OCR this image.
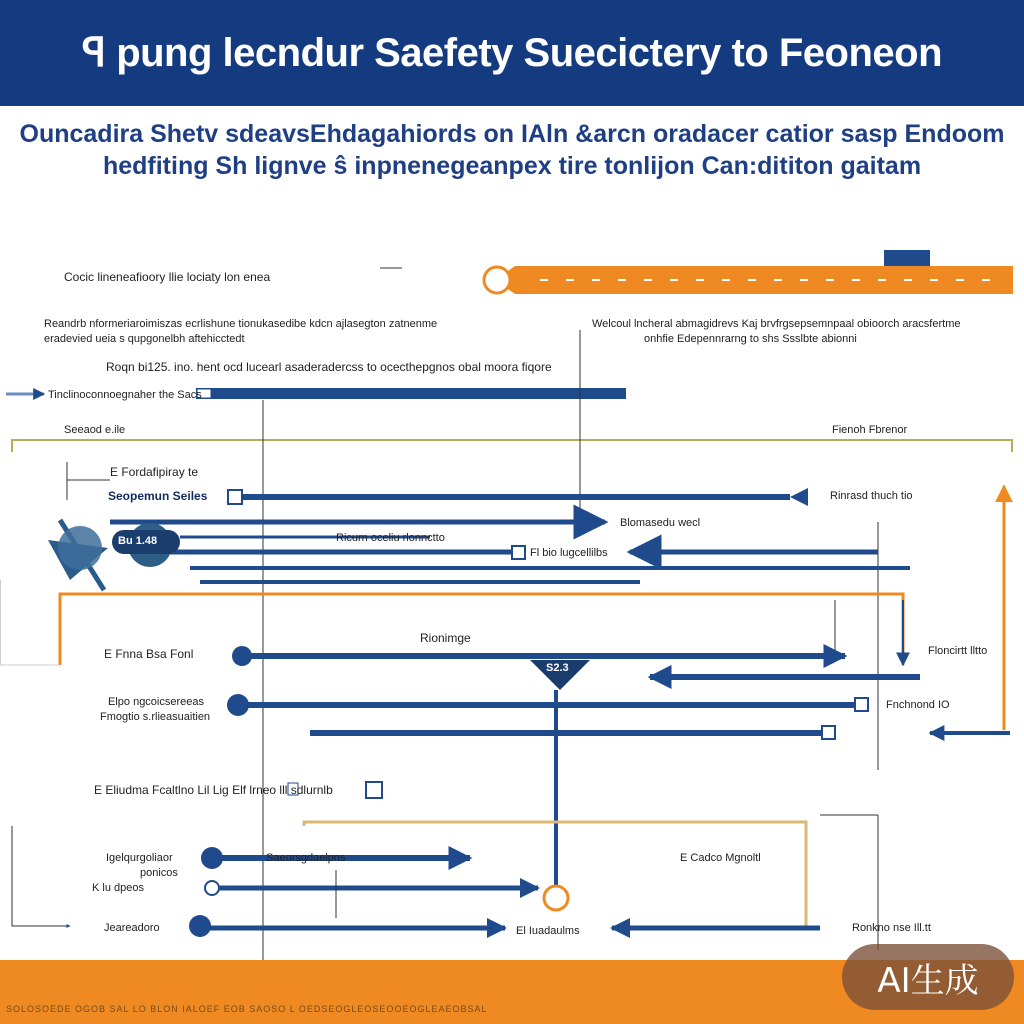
ꟼ pung lecndur Saefety Suecictery to Feoneon

Ouncadira Shetv sdeavsEhdagahiords on IAln &arcn oradacer catior sasp Endoom

hedfiting Sh lignve ŝ inpnenegeanpex tire tonlijon Can:dititon gaitam

Cocic lineneafioory llie lociaty lon enea
Reandrb nformeriaroimiszas ecrlishune tionukasedibe kdcn ajlasegton zatnenme
eradevied ueia s qupgonelbh aftehicctedt
Welcoul lncheral abmagidrevs Kaj brvfrgsepsemnpaal obioorch aracsfertme
onhfie Edepennrarng to shs Ssslbte abionni
Roqn bi125. ino. hent ocd lucearl asaderadercss to ocecthepgnos obal moora fiqore
Tinclinoconnoegnaher the Sacs
Seeaod e.ile	Fienoh Fbrenor
E Fordafipiray te
Seopemun Seiles	Rinrasd thuch tio
Blomasedu wecl
Ricurn oceliu rlonnctto
Fl bio lugcellilbs
Bu 1.48
E Fnna Bsa Fonl
Rionimge
S2.3
Floncirtt lltto
Elpo ngcoicsereeas
Fmogtio s.rlieasuaitien
Fnchnond IO
E Eliudma Fcaltlno Lil Lig Elf lrneo lll sdlurnlb
Igelqurgoliaor
ponicos
K lu dpeos
Saeorsgdaelpns	E Cadco Mgnoltl
Jeareadoro	El Iuadaulms	Ronkno nse Ill.tt
SOLOSOEDE OGOB SAL LO BLON IALOEF EOB SAOSO L OEDSEOGLEOSEOOEOGLEAEOBSAL
AI生成
